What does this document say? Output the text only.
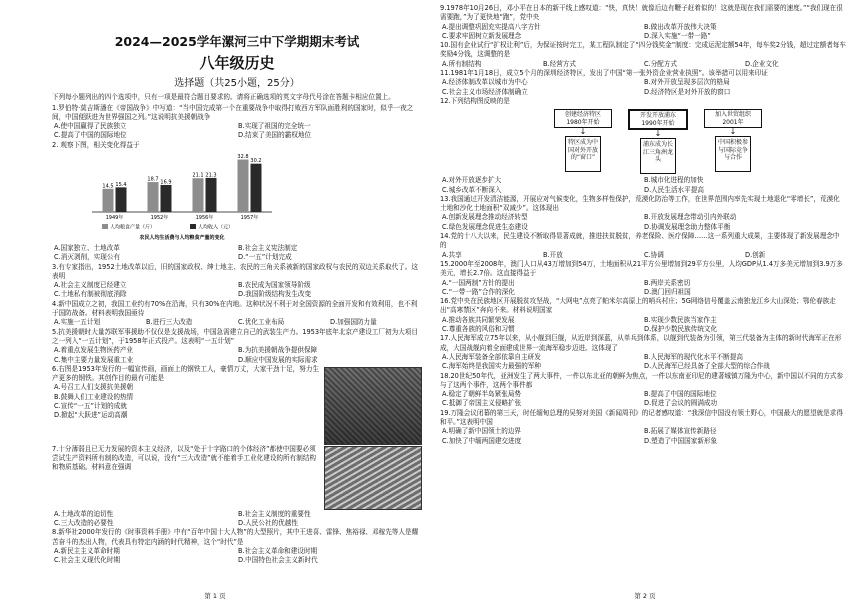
2024—2025学年漯河三中下学期期末考试
八年级历史
选择题（共25小题，25分）

下列每小题列出的四个选项中，只有一项是最符合题目要求的。请将正确选项的英文字母代号涂在答题卡相应位置上。

1.罗伯特·莫吉斯潘在《帝国战争》中写道：“当中国完成第一个在重要战争中取得打败西方军队面胜利的国家时，似乎一夜之间，中国便跃进为世界强国之列。”这说明抗美援朝战争

A.使中国赢得了民族独立	B.实现了祖国的完全统一
C.提高了中国的国际地位	D.结束了美国的霸权地位

2. 观察下图，相关变化得益于

14.5 15.4
1949年
18.7 16.9
1952年
21.1 21.3
1956年
32.8
30.2
1957年
人均粮食产量（斤）	人均收入（元）
农民人均生活费与人均粮食产量的变化
A.国家独立、土地改革	B.社会主义宪法制定
C.消灭剥削，实现公有	D.“一五”计划完成

3.有专家指出，1952土地改革以后，旧的国家政权、绅士地主、农民的三角关系被新的国家政权与农民的双边关系取代了。这表明

A.社会主义制度已经建立	B.农民成为国家领导阶级
C.土地私有制被彻底消除	D.我国阶级结构发生改变

4.新中国成立之初，我国工业约有70%在沿海，只有30%在内地。这种状况不利于对全国资源的全面开发和有效利用，也不利于国防战备。材料表明我国亟待

A.实施一五计划	B.进行三大改造	C.优化工业布局	D.加强国防力量

5.抗美援朝时大量苏联军事援助不仅仅是支援战场，中国急需建立自己的武装生产力。1953年底年北京产建设工厂初为大项目之一列入“一五计划”，于1958年正式投产。这表明“一五计划”

A.着重点发展生物医药产业	B.为抗美援朝战争提供保障
C.集中主要力量发展重工业	D.顺应中国发展的实际需求

6.右图是1953年发行的一幅宣传画，画面上的钢铁工人，豪情万丈，大家干劲十足，努力生产更多的钢铁。其创作目的最有可能是

A.号召工人们支援抗美援朝
B.鼓舞人们工业建设的热情
C.宣传“一五”计划的成就
D.掀起“大跃进”运动高潮

7.十分薄弱且已无力发展的资本主义经济，以及“处于十字路口的个体经济”都使中国要必须尝试生产资料所有制的改造，可以说，没有“三大改造”就不能着手工业化建设的所有制结构和物质基础。材料意在强调

A.土地改革的迫切性	B.社会主义制度的重要性
C.三大改造的必要性	D.人民公社的优越性

8.新华社2000年发行的《时事资料手册》中有“百年中国十大人物”的大型照片，其中王进喜、雷锋、焦裕禄、邓稼先等人是耀苦奋斗的杰出人物，代表具有特定内涵的时代精神，这个“时代”是

A.新民主主义革命时期	B.社会主义革命和建设时期
C.社会主义现代化时期	D.中国特色社会主义新时代
第 1 页

9.1978年10月26日，邓小平在日本的新干线上感叹道：“快，真快！就像后边有鞭子赶着似的！这就是现在我们需要的速度。”“我们现在很需要跑，”为了更快地“跑”，党中央

A.提出调整巩固充实提高八字方针	B.做出改革开放伟大决策
C.要求牢固树立新发展理念	D.深入实施“一带一路”

10.国有企业试行“扩权让利”后，为保证按时完工，某工程队制定了“四分钱奖金”制度：完成运泥定额54年，每车奖2分钱，超过定额者每车奖励4分钱，这调整的是

A.所有制结构	B.经营方式	C.分配方式	D.企业文化

11.1981年1月18日，成立5个月的深圳经济特区，发出了中国“第一张外资企业营业执照”。该举措可以用来印证

A.经济体制改革以城市为中心	B.对外开放呈现多层次的格局
C.社会主义市场经济体制确立	D.经济特区是对外开放的窗口

12.下列结构图反映的是

创建经济特区1980年开始
↓
特区成为中国对外开放的“窗口”
开发开放浦东1990年开始
↓
浦东成为长江三角洲龙头
加入世贸组织2001年
↓
中国积极参与国际竞争与合作
A.对外开放逐步扩大	B.城市化进程的加快
C.城乡改革不断深入	D.人民生活水平提高

13.我国通过开发清洁能源，开展应对气候变化，生物多样性保护，荒漠化防治等工作，在世界范围内率先实现土地退化“零增长”，荒漠化土地和沙化土地面积“双减少”。这体现出

A.创新发展理念推动经济转型	B.开放发展理念带动引内外联动
C.绿色发展理念促进生态建设	D.协调发展理念助力整体平衡

14.党的十八大以来，民生建设不断取得显著成就，推进扶贫脱贫，养老保险、医疗保障……这一系列重大成果，主要体现了新发展理念中的

A.共享	B.开放	C.协调	D.创新

15.2000年至2008年，澳门人口从43万增加到54万，土地面积从21平方公里增加到29平方公里，人均GDP从1.4万多美元增加到3.9万多美元，增长2.7倍。这直接得益于

A.“一国两制”方针的提出	B.两岸关系密切
C.“一带一路”合作的深化	D.澳门回归祖国

16.党中央在民族地区开展脱贫攻坚战，“大网电”点亮了帕米尔高原上的哨兵村庄；5G网络信号覆盖云南独龙江乡大山深处；鄂伦春族走出“高寒禁区”奔向不来。材料说明国家

A.推动各族共同繁荣发展	B.实现少数民族当家作主
C.尊重各族的风俗和习惯	D.保护少数民族传统文化

17.人民海军成立75年以来，从小舰到巨舰，从近岸到深蓝，从单兵到体系，以舰到代装备为引领，第三代装备为主体的新时代海军正在形成，大国战舰向着全面建成世界一流海军稳步迈进。这体现了

A.人民海军装备全部依靠自主研发	B.人民海军的现代化水平不断提高
C.海军始终是我国实力最强的军种	D.人民海军已经具备了全部大型的综合作战

18.20世纪50年代，亚洲发生了两大事件，一件以东北亚的朝鲜为焦点，一件以东南亚印尼的建著城镇万隆为中心，新中国以不同的方式参与了这两个事件，这两个事件都

A.稳定了朝鲜半岛紧张局势	B.提高了中国的国际地位
C.抵御了帝国主义侵略扩张	D.促进了会议的圆满成功

19.万隆会议闭幕的第三天，时任缅甸总理的吴努对美国《新闻周刊》的记者感叹道：“我深信中国没有领土野心，中国最大的愿望就是求得和平。”这表明中国

A.明确了新中国领土的边界	B.拓展了媒体宣传新路径
C.加快了中缅两国建交进度	D.塑造了中国国家新形象
第 2 页
